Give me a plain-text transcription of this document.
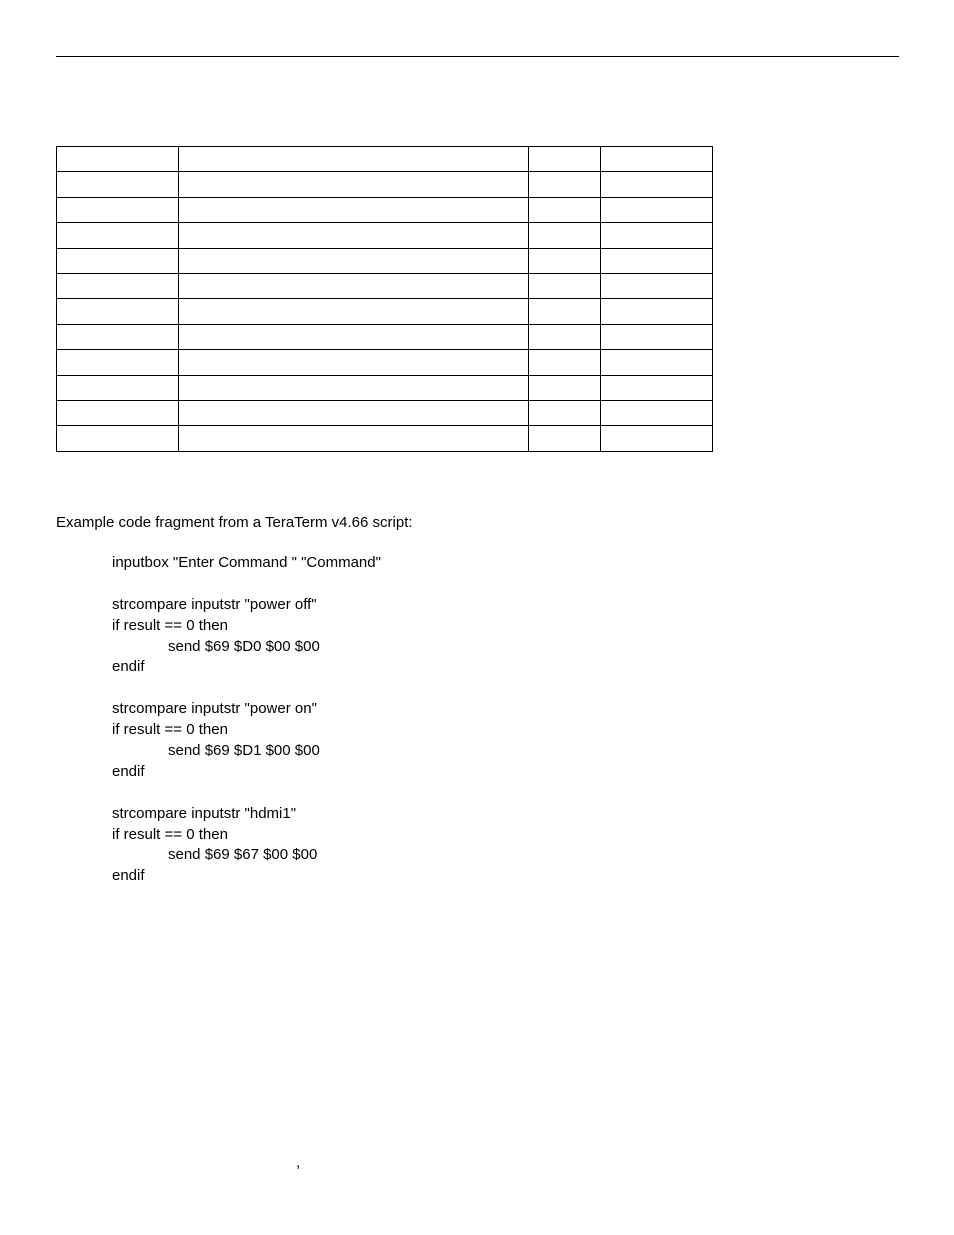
Example code fragment from a TeraTerm v4.66 script:
inputbox "Enter Command " "Command"
strcompare inputstr "power off"
if result == 0 then
send $69 $D0 $00 $00
endif
strcompare inputstr "power on"
if result == 0 then
send $69 $D1 $00 $00
endif
strcompare inputstr "hdmi1"
if result == 0 then
send $69 $67 $00 $00
endif
,
